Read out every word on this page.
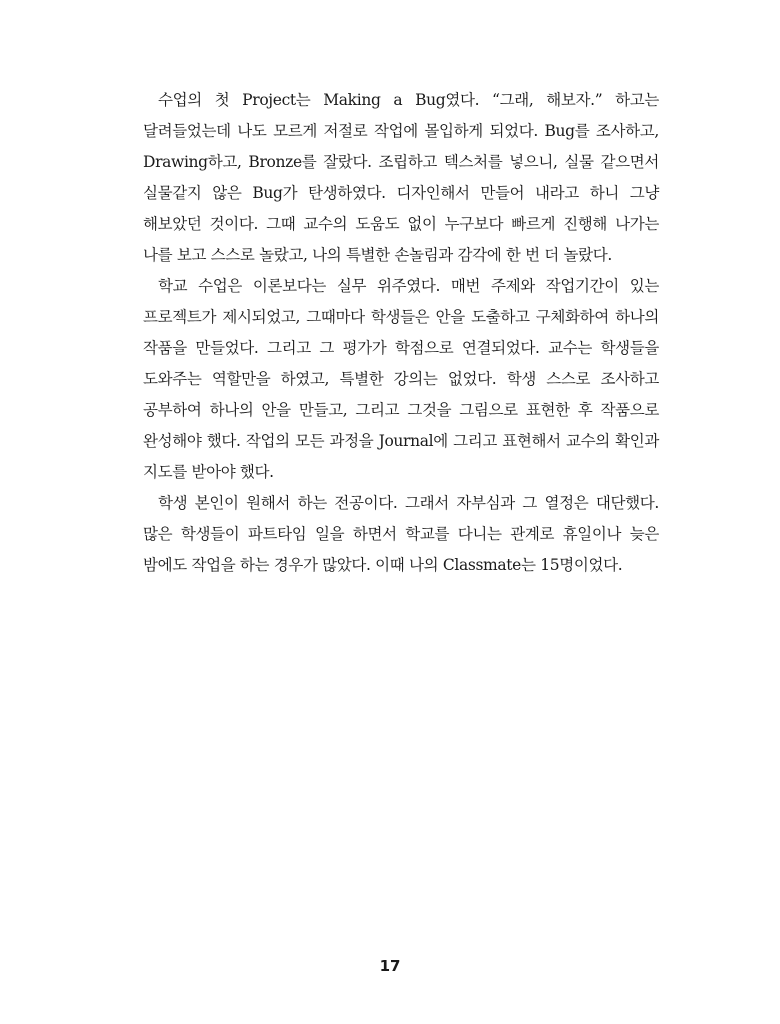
수업의 첫 Project는 Making a Bug였다. “그래, 해보자.” 하고는 달려들었는데 나도 모르게 저절로 작업에 몰입하게 되었다. Bug를 조사하고, Drawing하고, Bronze를 잘랐다. 조립하고 텍스처를 넣으니, 실물 같으면서 실물같지 않은 Bug가 탄생하였다. 디자인해서 만들어 내라고 하니 그냥 해보았던 것이다. 그때 교수의 도움도 없이 누구보다 빠르게 진행해 나가는 나를 보고 스스로 놀랐고, 나의 특별한 손놀림과 감각에 한 번 더 놀랐다.

학교 수업은 이론보다는 실무 위주였다. 매번 주제와 작업기간이 있는 프로젝트가 제시되었고, 그때마다 학생들은 안을 도출하고 구체화하여 하나의 작품을 만들었다. 그리고 그 평가가 학점으로 연결되었다. 교수는 학생들을 도와주는 역할만을 하였고, 특별한 강의는 없었다. 학생 스스로 조사하고 공부하여 하나의 안을 만들고, 그리고 그것을 그림으로 표현한 후 작품으로 완성해야 했다. 작업의 모든 과정을 Journal에 그리고 표현해서 교수의 확인과 지도를 받아야 했다.

학생 본인이 원해서 하는 전공이다. 그래서 자부심과 그 열정은 대단했다. 많은 학생들이 파트타임 일을 하면서 학교를 다니는 관계로 휴일이나 늦은 밤에도 작업을 하는 경우가 많았다. 이때 나의 Classmate는 15명이었다.

17
